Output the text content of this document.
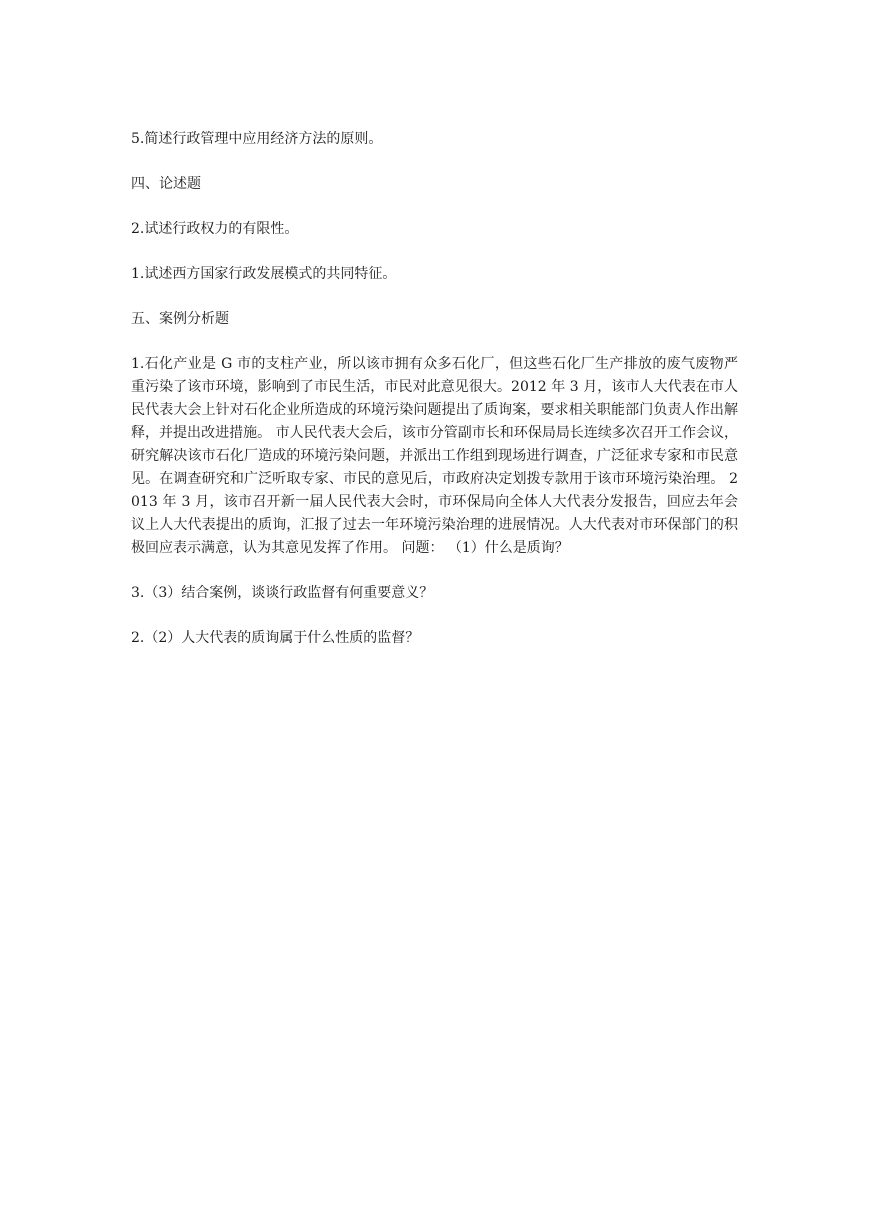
5.简述行政管理中应用经济方法的原则。

四、论述题

2.试述行政权力的有限性。

1.试述西方国家行政发展模式的共同特征。

五、案例分析题

1.石化产业是 G 市的支柱产业，所以该市拥有众多石化厂，但这些石化厂生产排放的废气废物严重污染了该市环境，影响到了市民生活，市民对此意见很大。2012 年 3 月，该市人大代表在市人民代表大会上针对石化企业所造成的环境污染问题提出了质询案，要求相关职能部门负责人作出解释，并提出改进措施。 市人民代表大会后，该市分管副市长和环保局局长连续多次召开工作会议，研究解决该市石化厂造成的环境污染问题，并派出工作组到现场进行调查，广泛征求专家和市民意见。在调查研究和广泛听取专家、市民的意见后，市政府决定划拨专款用于该市环境污染治理。 2013 年 3 月，该市召开新一届人民代表大会时，市环保局向全体人大代表分发报告，回应去年会议上人大代表提出的质询，汇报了过去一年环境污染治理的进展情况。人大代表对市环保部门的积极回应表示满意，认为其意见发挥了作用。 问题： （1）什么是质询？

3.（3）结合案例，谈谈行政监督有何重要意义？

2.（2）人大代表的质询属于什么性质的监督？
